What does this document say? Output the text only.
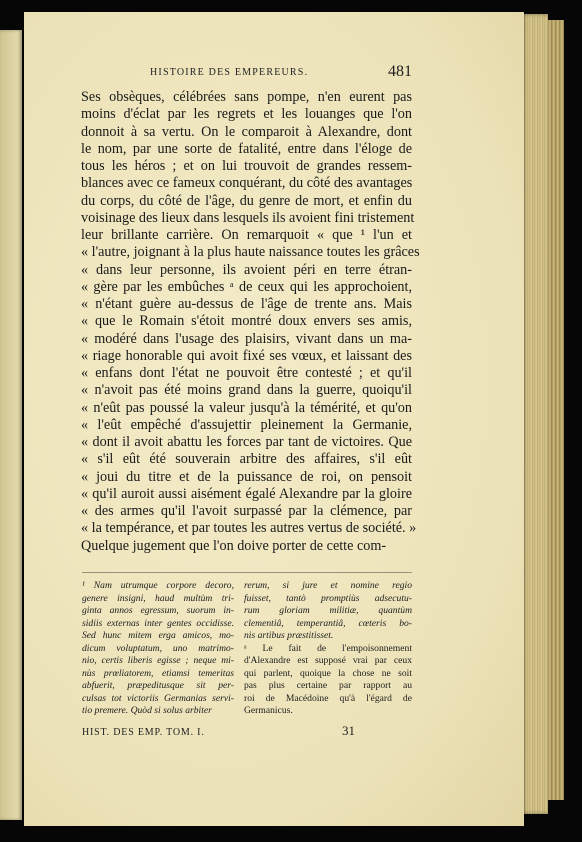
HISTOIRE DES EMPEREURS.	481
Ses obsèques, célébrées sans pompe, n'en eurent pas
moins d'éclat par les regrets et les louanges que l'on
donnoit à sa vertu. On le comparoit à Alexandre, dont
le nom, par une sorte de fatalité, entre dans l'éloge de
tous les héros ; et on lui trouvoit de grandes ressem-
blances avec ce fameux conquérant, du côté des avantages
du corps, du côté de l'âge, du genre de mort, et enfin du
voisinage des lieux dans lesquels ils avoient fini tristement
leur brillante carrière. On remarquoit « que ¹ l'un et
« l'autre, joignant à la plus haute naissance toutes les grâces
« dans leur personne, ils avoient péri en terre étran-
« gère par les embûches ᵃ de ceux qui les approchoient,
« n'étant guère au-dessus de l'âge de trente ans. Mais
« que le Romain s'étoit montré doux envers ses amis,
« modéré dans l'usage des plaisirs, vivant dans un ma-
« riage honorable qui avoit fixé ses vœux, et laissant des
« enfans dont l'état ne pouvoit être contesté ; et qu'il
« n'avoit pas été moins grand dans la guerre, quoiqu'il
« n'eût pas poussé la valeur jusqu'à la témérité, et qu'on
« l'eût empêché d'assujettir pleinement la Germanie,
« dont il avoit abattu les forces par tant de victoires. Que
« s'il eût été souverain arbitre des affaires, s'il eût
« joui du titre et de la puissance de roi, on pensoit
« qu'il auroit aussi aisément égalé Alexandre par la gloire
« des armes qu'il l'avoit surpassé par la clémence, par
« la tempérance, et par toutes les autres vertus de société. »
Quelque jugement que l'on doive porter de cette com-
¹ Nam utrumque corpore decoro,
genere insigni, haud multùm tri-
ginta annos egressum, suorum in-
sidiis externas inter gentes occidisse.
Sed hunc mitem erga amicos, mo-
dicum voluptatum, uno matrimo-
nio, certis liberis egisse ; neque mi-
nùs prœliatorem, etiamsi temeritas
abfuerit, præpeditusque sit per-
culsas tot victoriis Germanias servi-
tio premere. Quòd si solus arbiter
rerum, si jure et nomine regio
fuisset, tantò promptiùs adsecutu-
rum gloriam militiæ, quantùm
clementiâ, temperantiâ, cœteris bo-
nis artibus præstitisset.
ᵃ Le fait de l'empoisonnement
d'Alexandre est supposé vrai par ceux
qui parlent, quoique la chose ne soit
pas plus certaine par rapport au
roi de Macédoine qu'à l'égard de
Germanicus.
HIST. DES EMP. TOM. I.	31
